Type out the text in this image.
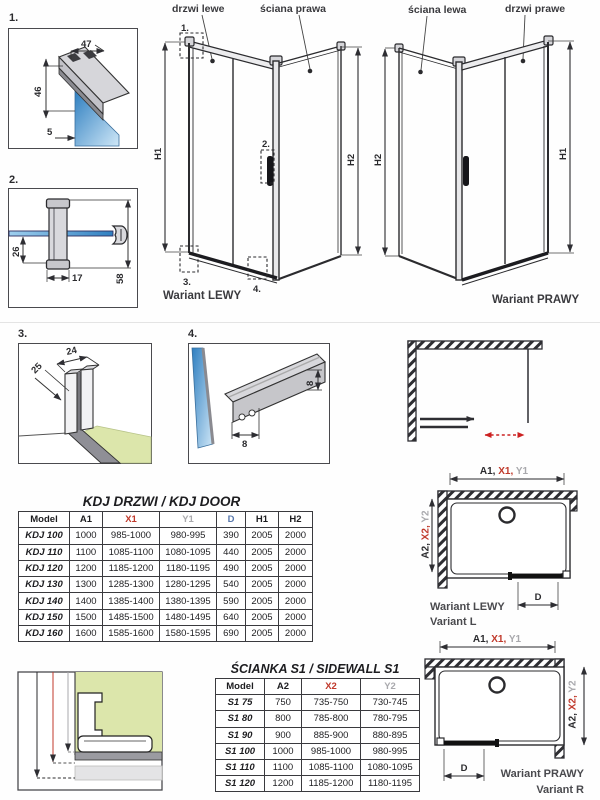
1.
47
46
5
2.
26
17	58
drzwi lewe	ściana prawa
H1	H2
1.
2.
3.
4.
Wariant LEWY
ściana lewa	drzwi prawe
H2	H1
Wariant PRAWY
3.
24
25
4.
8
8
KDJ DRZWI / KDJ DOOR
Model	A1	X1	Y1	D	H1	H2
KDJ 100	1000	985-1000	980-995	390	2005	2000
KDJ 110	1100	1085-1100	1080-1095	440	2005	2000
KDJ 120	1200	1185-1200	1180-1195	490	2005	2000
KDJ 130	1300	1285-1300	1280-1295	540	2005	2000
KDJ 140	1400	1385-1400	1380-1395	590	2005	2000
KDJ 150	1500	1485-1500	1480-1495	640	2005	2000
KDJ 160	1600	1585-1600	1580-1595	690	2005	2000
A1, X1, Y1
A2, X2, Y2
D
Wariant LEWY
Variant L
ŚCIANKA S1 / SIDEWALL S1
Model	A2	X2	Y2
S1 75	750	735-750	730-745
S1 80	800	785-800	780-795
S1 90	900	885-900	880-895
S1 100	1000	985-1000	980-995
S1 110	1100	1085-1100	1080-1095
S1 120	1200	1185-1200	1180-1195
A1, X1, Y1
A2, X2, Y2
D	Wariant PRAWY
Variant R
